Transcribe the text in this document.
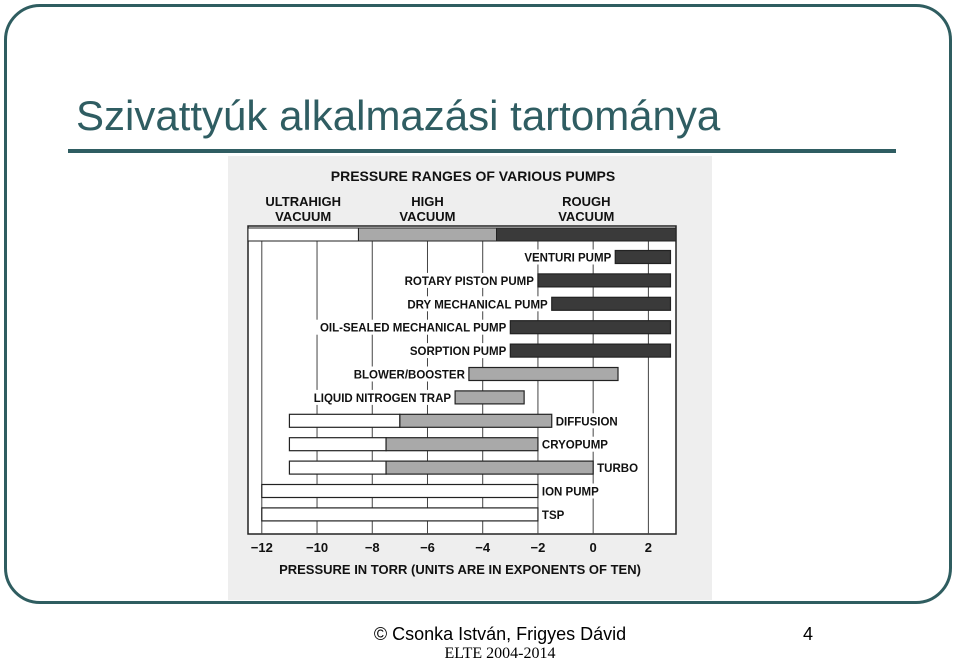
Szivattyúk alkalmazási tartománya
PRESSURE RANGES OF VARIOUS PUMPS
ULTRAHIGH
VACUUM
HIGH
VACUUM
ROUGH
VACUUM
VENTURI PUMP
ROTARY PISTON PUMP
DRY MECHANICAL PUMP
OIL-SEALED MECHANICAL PUMP
SORPTION PUMP
BLOWER/BOOSTER
LIQUID NITROGEN TRAP
DIFFUSION
CRYOPUMP
TURBO
ION PUMP
TSP
−12	−10	−8	−6	−4	−2	0	2
PRESSURE IN TORR (UNITS ARE IN EXPONENTS OF TEN)
© Csonka István, Frigyes Dávid
ELTE 2004-2014
4
